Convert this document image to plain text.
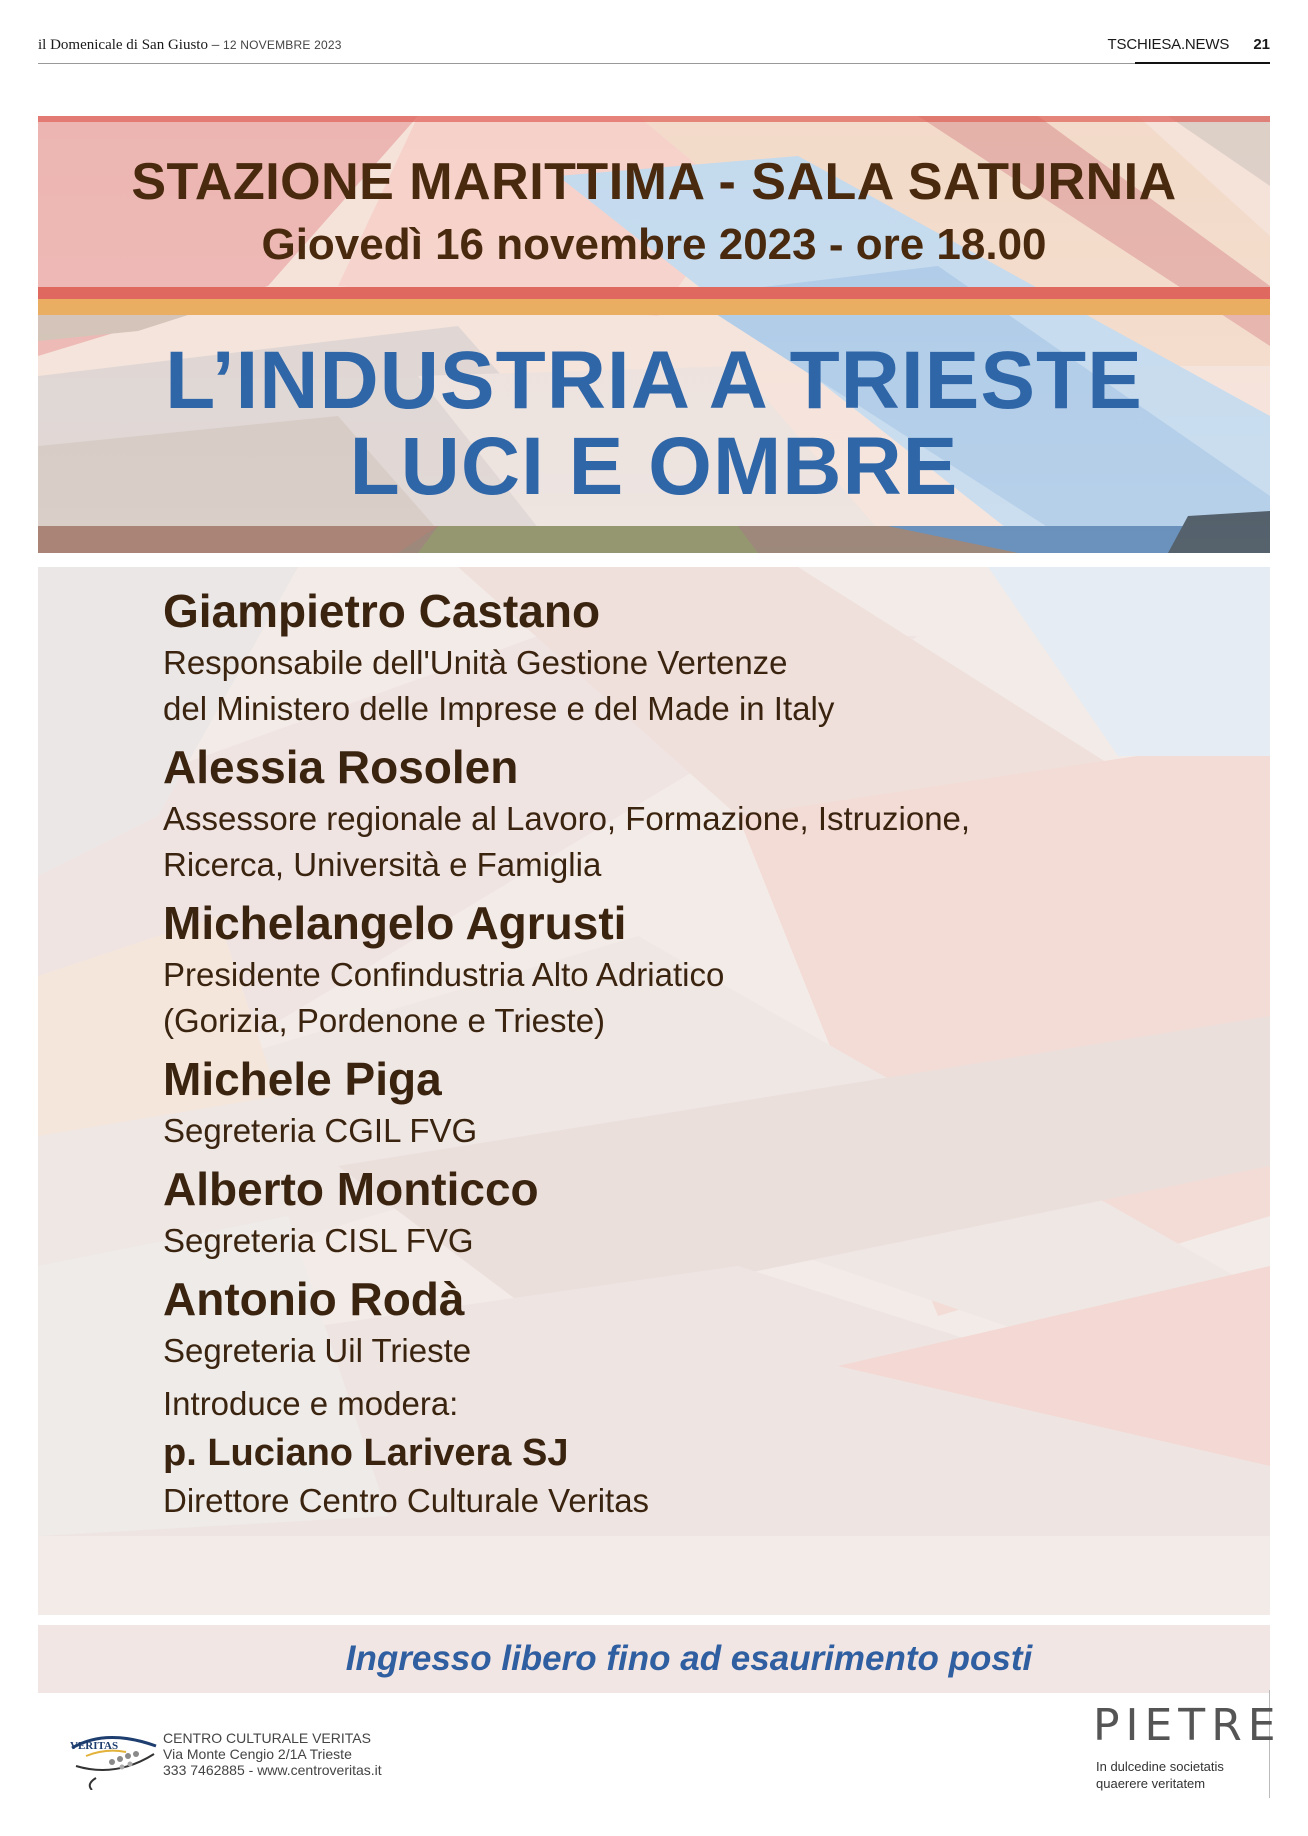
il Domenicale di San Giusto – 12 NOVEMBRE 2023	TSCHIESA.NEWS 21
STAZIONE MARITTIMA - SALA SATURNIA
Giovedì 16 novembre 2023 - ore 18.00
L’INDUSTRIA A TRIESTE
LUCI E OMBRE
Giampietro Castano
Responsabile dell'Unità Gestione Vertenze
del Ministero delle Imprese e del Made in Italy
Alessia Rosolen
Assessore regionale al Lavoro, Formazione, Istruzione,
Ricerca, Università e Famiglia
Michelangelo Agrusti
Presidente Confindustria Alto Adriatico
(Gorizia, Pordenone e Trieste)
Michele Piga
Segreteria CGIL FVG
Alberto Monticco
Segreteria CISL FVG
Antonio Rodà
Segreteria Uil Trieste
Introduce e modera:
p. Luciano Larivera SJ
Direttore Centro Culturale Veritas
Ingresso libero fino ad esaurimento posti
VERITAS	CENTRO CULTURALE VERITAS
Via Monte Cengio 2/1A Trieste
333 7462885 - www.centroveritas.it
PIETRE
In dulcedine societatis
quaerere veritatem
